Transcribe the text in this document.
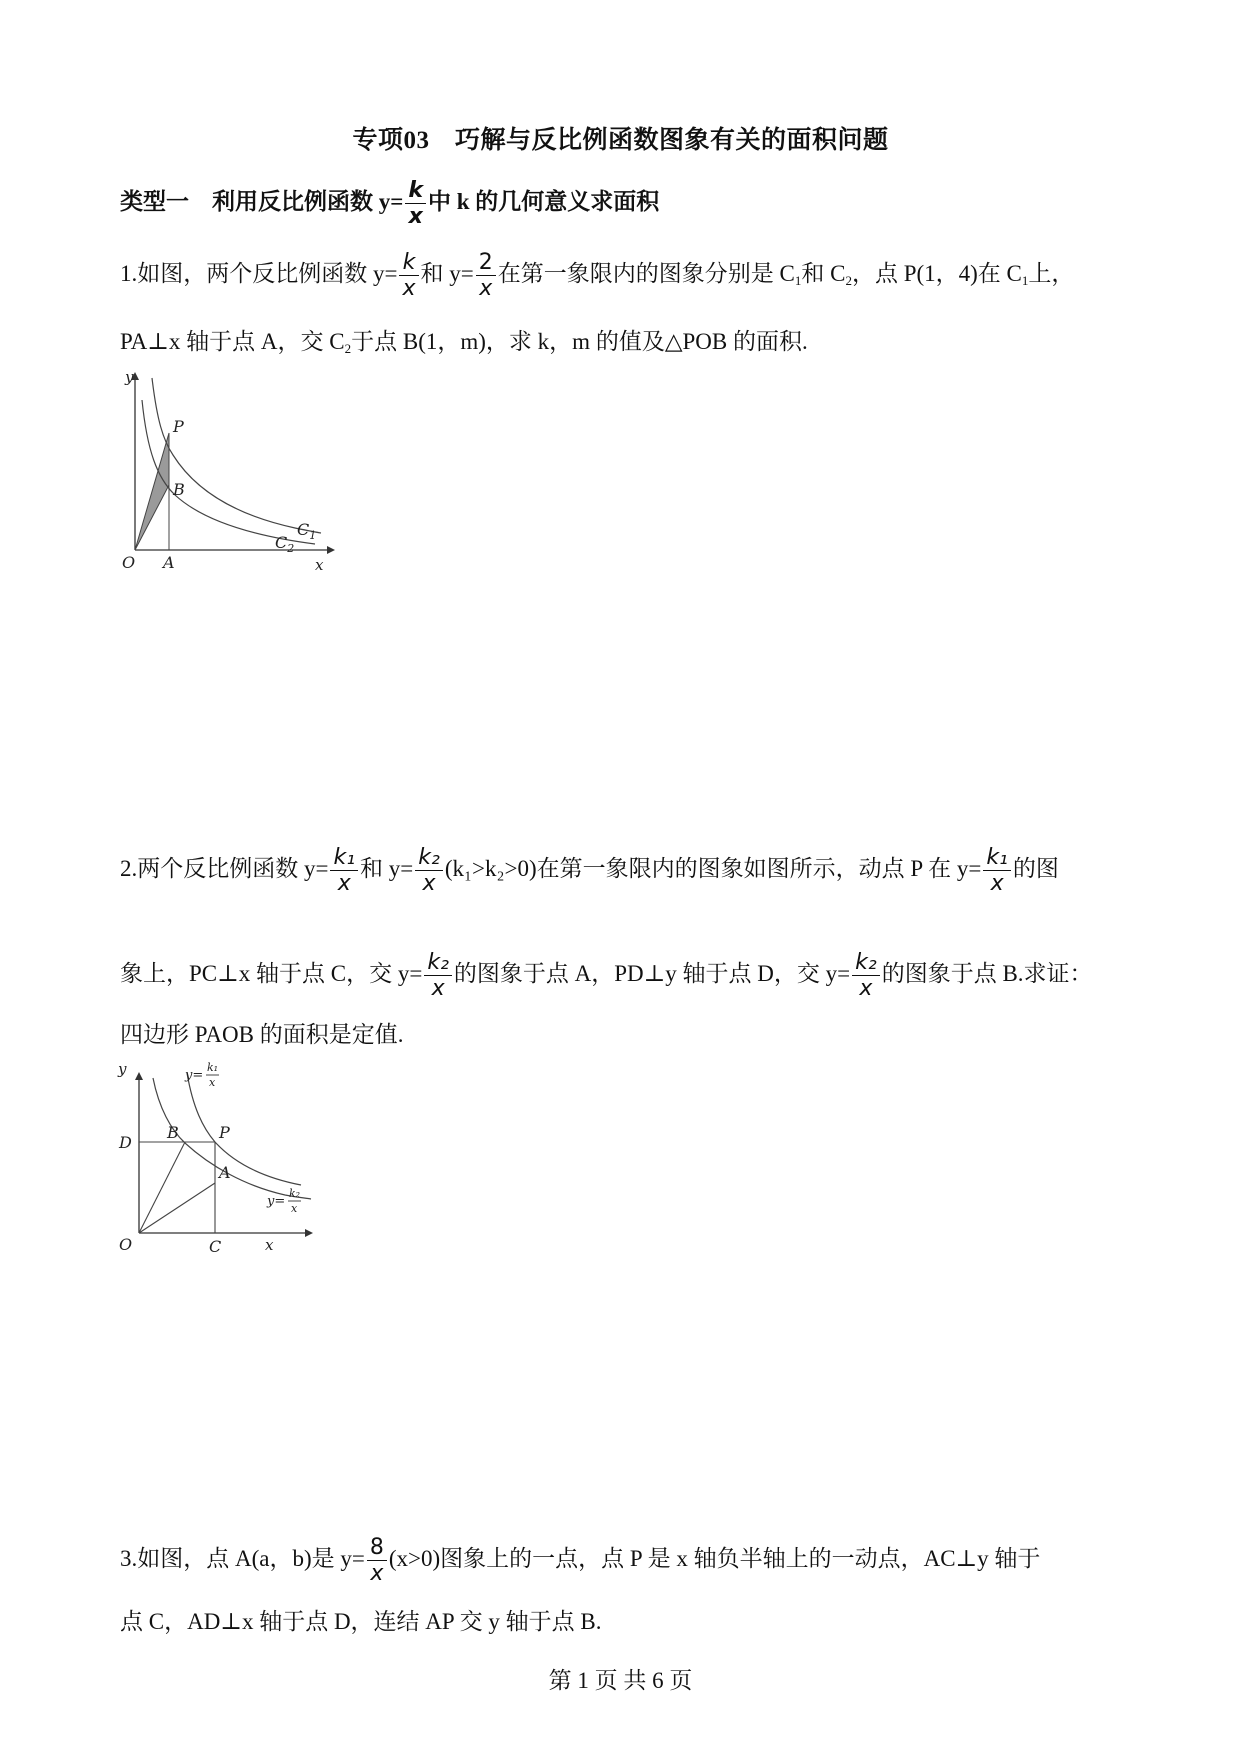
专项03　巧解与反比例函数图象有关的面积问题
类型一　利用反比例函数 $y= \frac{k}{x}$ 中 k 的几何意义求面积
1.如图，两个反比例函数 $y= \frac{k}{x}$ 和 $y= \frac{2}{x}$ 在第一象限内的图象分别是 $C_1$和 $C_2$，点 P(1，4)在 $C_1$上，
PA⊥x 轴于点 A，交 $C_2$于点 B(1，m)，求 k，m 的值及△POB 的面积.
y
x
O A
P
B
$C_1$
$C_2$
2.两个反比例函数 $y= \frac{\text{k₁}}{x}$ 和 $y= \frac{\text{k₂}}{x} (k_1>k_2>0)$在第一象限内的图象如图所示，动点 P 在 $y= \frac{\text{k₁}}{x}$ 的图
象上，PC⊥x 轴于点 C，交 $y= \frac{\text{k₂}}{x}$ 的图象于点 A，PD⊥y 轴于点 D，交 $y= \frac{\text{k₂}}{x}$ 的图象于点 B.求证：
四边形 PAOB 的面积是定值.
y
x
O
D
B	P
A
C
y=
k₁
x
y=
k₂
x
3.如图，点 A(a，b)是 $y= \frac{8}{x} (x>0)$图象上的一点，点 P 是 x 轴负半轴上的一动点，AC⊥y 轴于
点 C，AD⊥x 轴于点 D，连结 AP 交 y 轴于点 B.
第 1 页 共 6 页
